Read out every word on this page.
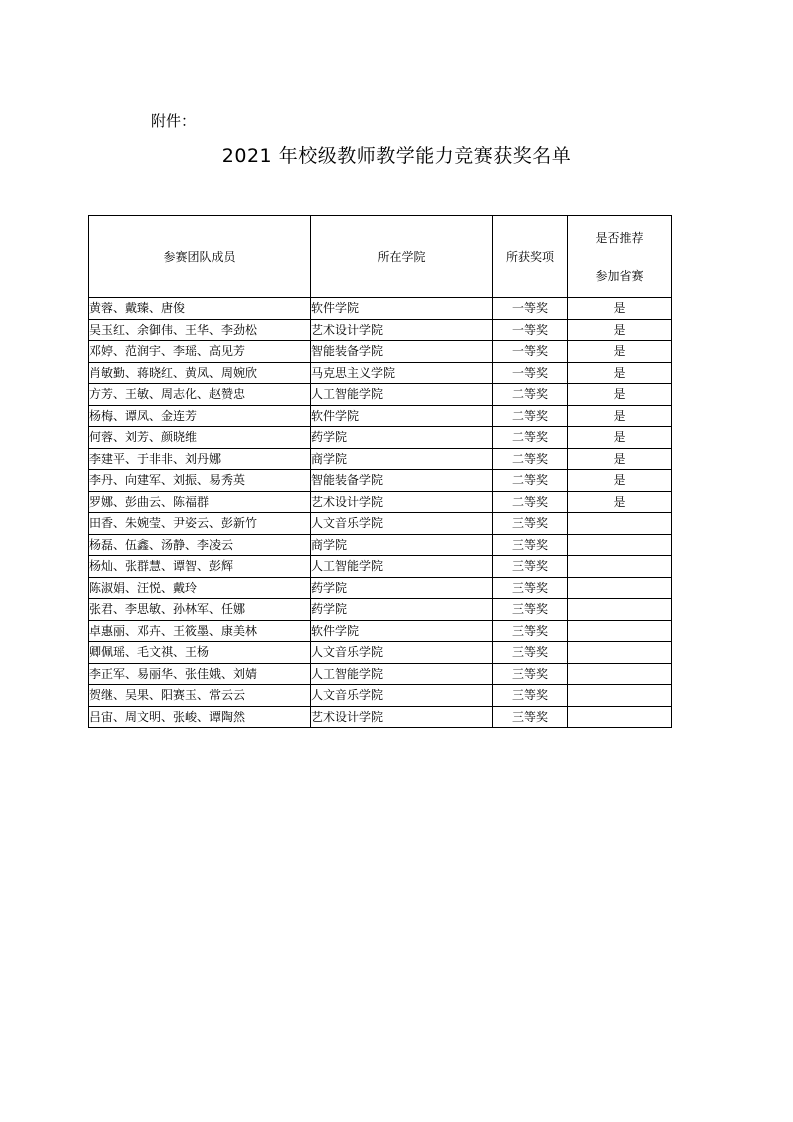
附件：
2021 年校级教师教学能力竞赛获奖名单
参赛团队成员	所在学院	所获奖项	是否推荐
参加省赛

黄蓉、戴臻、唐俊	软件学院	一等奖	是
吴玉红、余御伟、王华、李劲松	艺术设计学院	一等奖	是
邓婷、范润宇、李瑶、高见芳	智能装备学院	一等奖	是
肖敏勤、蒋晓红、黄凤、周婉欣	马克思主义学院	一等奖	是
方芳、王敏、周志化、赵赞忠	人工智能学院	二等奖	是
杨梅、谭凤、金连芳	软件学院	二等奖	是
何蓉、刘芳、颜晓维	药学院	二等奖	是
李建平、于非非、刘丹娜	商学院	二等奖	是
李丹、向建军、刘振、易秀英	智能装备学院	二等奖	是
罗娜、彭曲云、陈福群	艺术设计学院	二等奖	是
田香、朱婉莹、尹姿云、彭新竹	人文音乐学院	三等奖	
杨磊、伍鑫、汤静、李凌云	商学院	三等奖	
杨灿、张群慧、谭智、彭辉	人工智能学院	三等奖	
陈淑娟、汪悦、戴玲	药学院	三等奖	
张君、李思敏、孙林军、任娜	药学院	三等奖	
卓惠丽、邓卉、王筱墨、康美林	软件学院	三等奖	
卿佩瑶、毛文祺、王杨	人文音乐学院	三等奖	
李正军、易丽华、张佳娥、刘婧	人工智能学院	三等奖	
贺继、吴果、阳赛玉、常云云	人文音乐学院	三等奖	
吕宙、周文明、张峻、谭陶然	艺术设计学院	三等奖	
